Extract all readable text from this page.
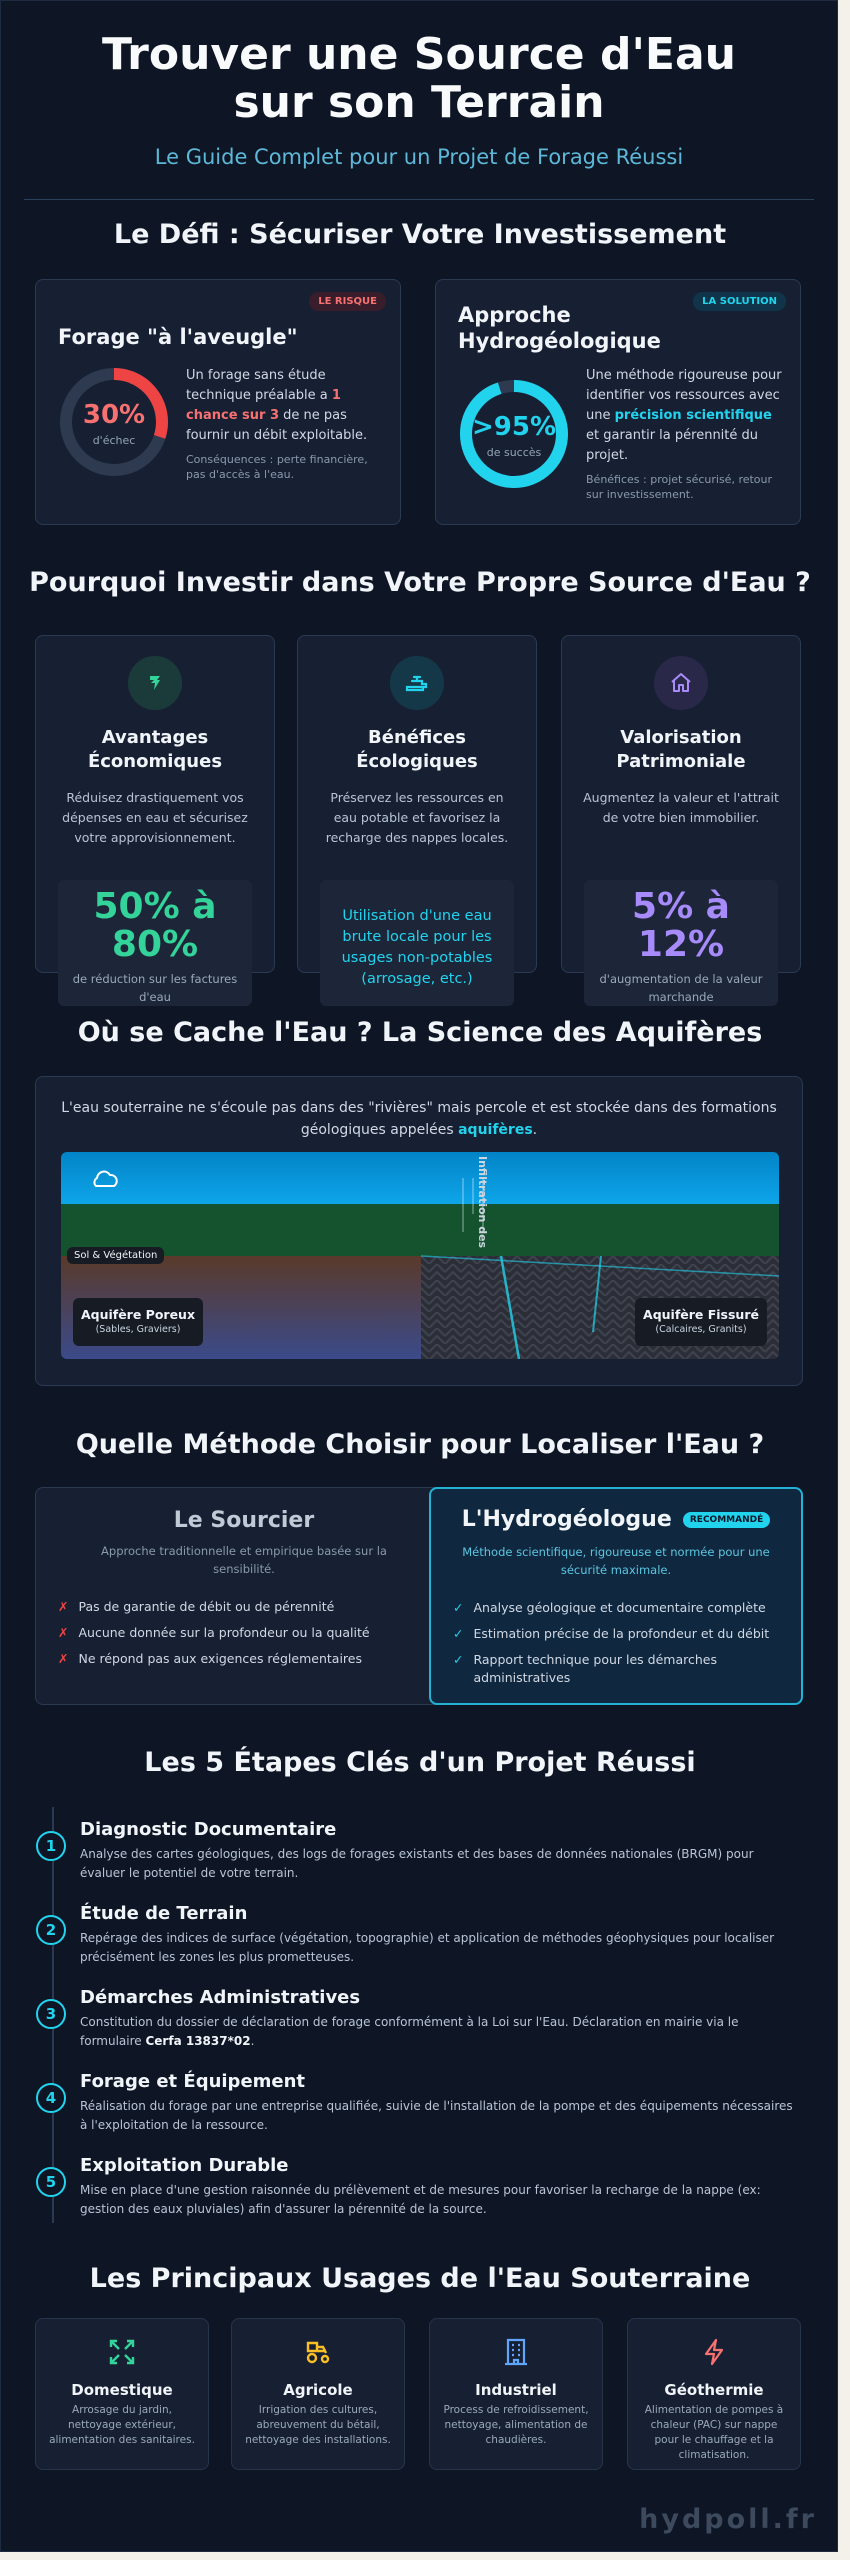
Trouver une Source d'Eau sur son Terrain
Le Guide Complet pour un Projet de Forage Réussi
Le Défi : Sécuriser Votre Investissement
LE RISQUE
Forage "à l'aveugle"
30%
d'échec
Un forage sans étude technique préalable a 1 chance sur 3 de ne pas fournir un débit exploitable.
Conséquences : perte financière, pas d'accès à l'eau.
LA SOLUTION
Approche
Hydrogéologique
>95%
de succès
Une méthode rigoureuse pour identifier vos ressources avec une précision scientifique et garantir la pérennité du projet.
Bénéfices : projet sécurisé, retour sur investissement.
Pourquoi Investir dans Votre Propre Source d'Eau ?
Avantages
Économiques
Réduisez drastiquement vos dépenses en eau et sécurisez votre approvisionnement.
50% à
80%
de réduction sur les factures d'eau
Bénéfices
Écologiques
Préservez les ressources en eau potable et favorisez la recharge des nappes locales.
Utilisation d'une eau brute locale pour les usages non-potables (arrosage, etc.)
Valorisation
Patrimoniale
Augmentez la valeur et l'attrait de votre bien immobilier.
5% à
12%
d'augmentation de la valeur marchande
Où se Cache l'Eau ? La Science des Aquifères
L'eau souterraine ne s'écoule pas dans des "rivières" mais percole et est stockée dans des formations géologiques appelées aquifères.
Infiltration des
Sol & Végétation
Aquifère Poreux
(Sables, Graviers)
Aquifère Fissuré
(Calcaires, Granits)
Quelle Méthode Choisir pour Localiser l'Eau ?
Le Sourcier
Approche traditionnelle et empirique basée sur la sensibilité.
✗ Pas de garantie de débit ou de pérennité
✗ Aucune donnée sur la profondeur ou la qualité
✗ Ne répond pas aux exigences réglementaires
L'Hydrogéologue RECOMMANDÉ
Méthode scientifique, rigoureuse et normée pour une sécurité maximale.
✓ Analyse géologique et documentaire complète
✓ Estimation précise de la profondeur et du débit
✓ Rapport technique pour les démarches administratives
Les 5 Étapes Clés d'un Projet Réussi
1
Diagnostic Documentaire
Analyse des cartes géologiques, des logs de forages existants et des bases de données nationales (BRGM) pour évaluer le potentiel de votre terrain.
2
Étude de Terrain
Repérage des indices de surface (végétation, topographie) et application de méthodes géophysiques pour localiser précisément les zones les plus prometteuses.
3
Démarches Administratives
Constitution du dossier de déclaration de forage conformément à la Loi sur l'Eau. Déclaration en mairie via le formulaire Cerfa 13837*02.
4
Forage et Équipement
Réalisation du forage par une entreprise qualifiée, suivie de l'installation de la pompe et des équipements nécessaires à l'exploitation de la ressource.
5
Exploitation Durable
Mise en place d'une gestion raisonnée du prélèvement et de mesures pour favoriser la recharge de la nappe (ex: gestion des eaux pluviales) afin d'assurer la pérennité de la source.
Les Principaux Usages de l'Eau Souterraine
Domestique
Arrosage du jardin, nettoyage extérieur, alimentation des sanitaires.
Agricole
Irrigation des cultures, abreuvement du bétail, nettoyage des installations.
Industriel
Process de refroidissement, nettoyage, alimentation de chaudières.
Géothermie
Alimentation de pompes à chaleur (PAC) sur nappe pour le chauffage et la climatisation.
hydpoll.fr
